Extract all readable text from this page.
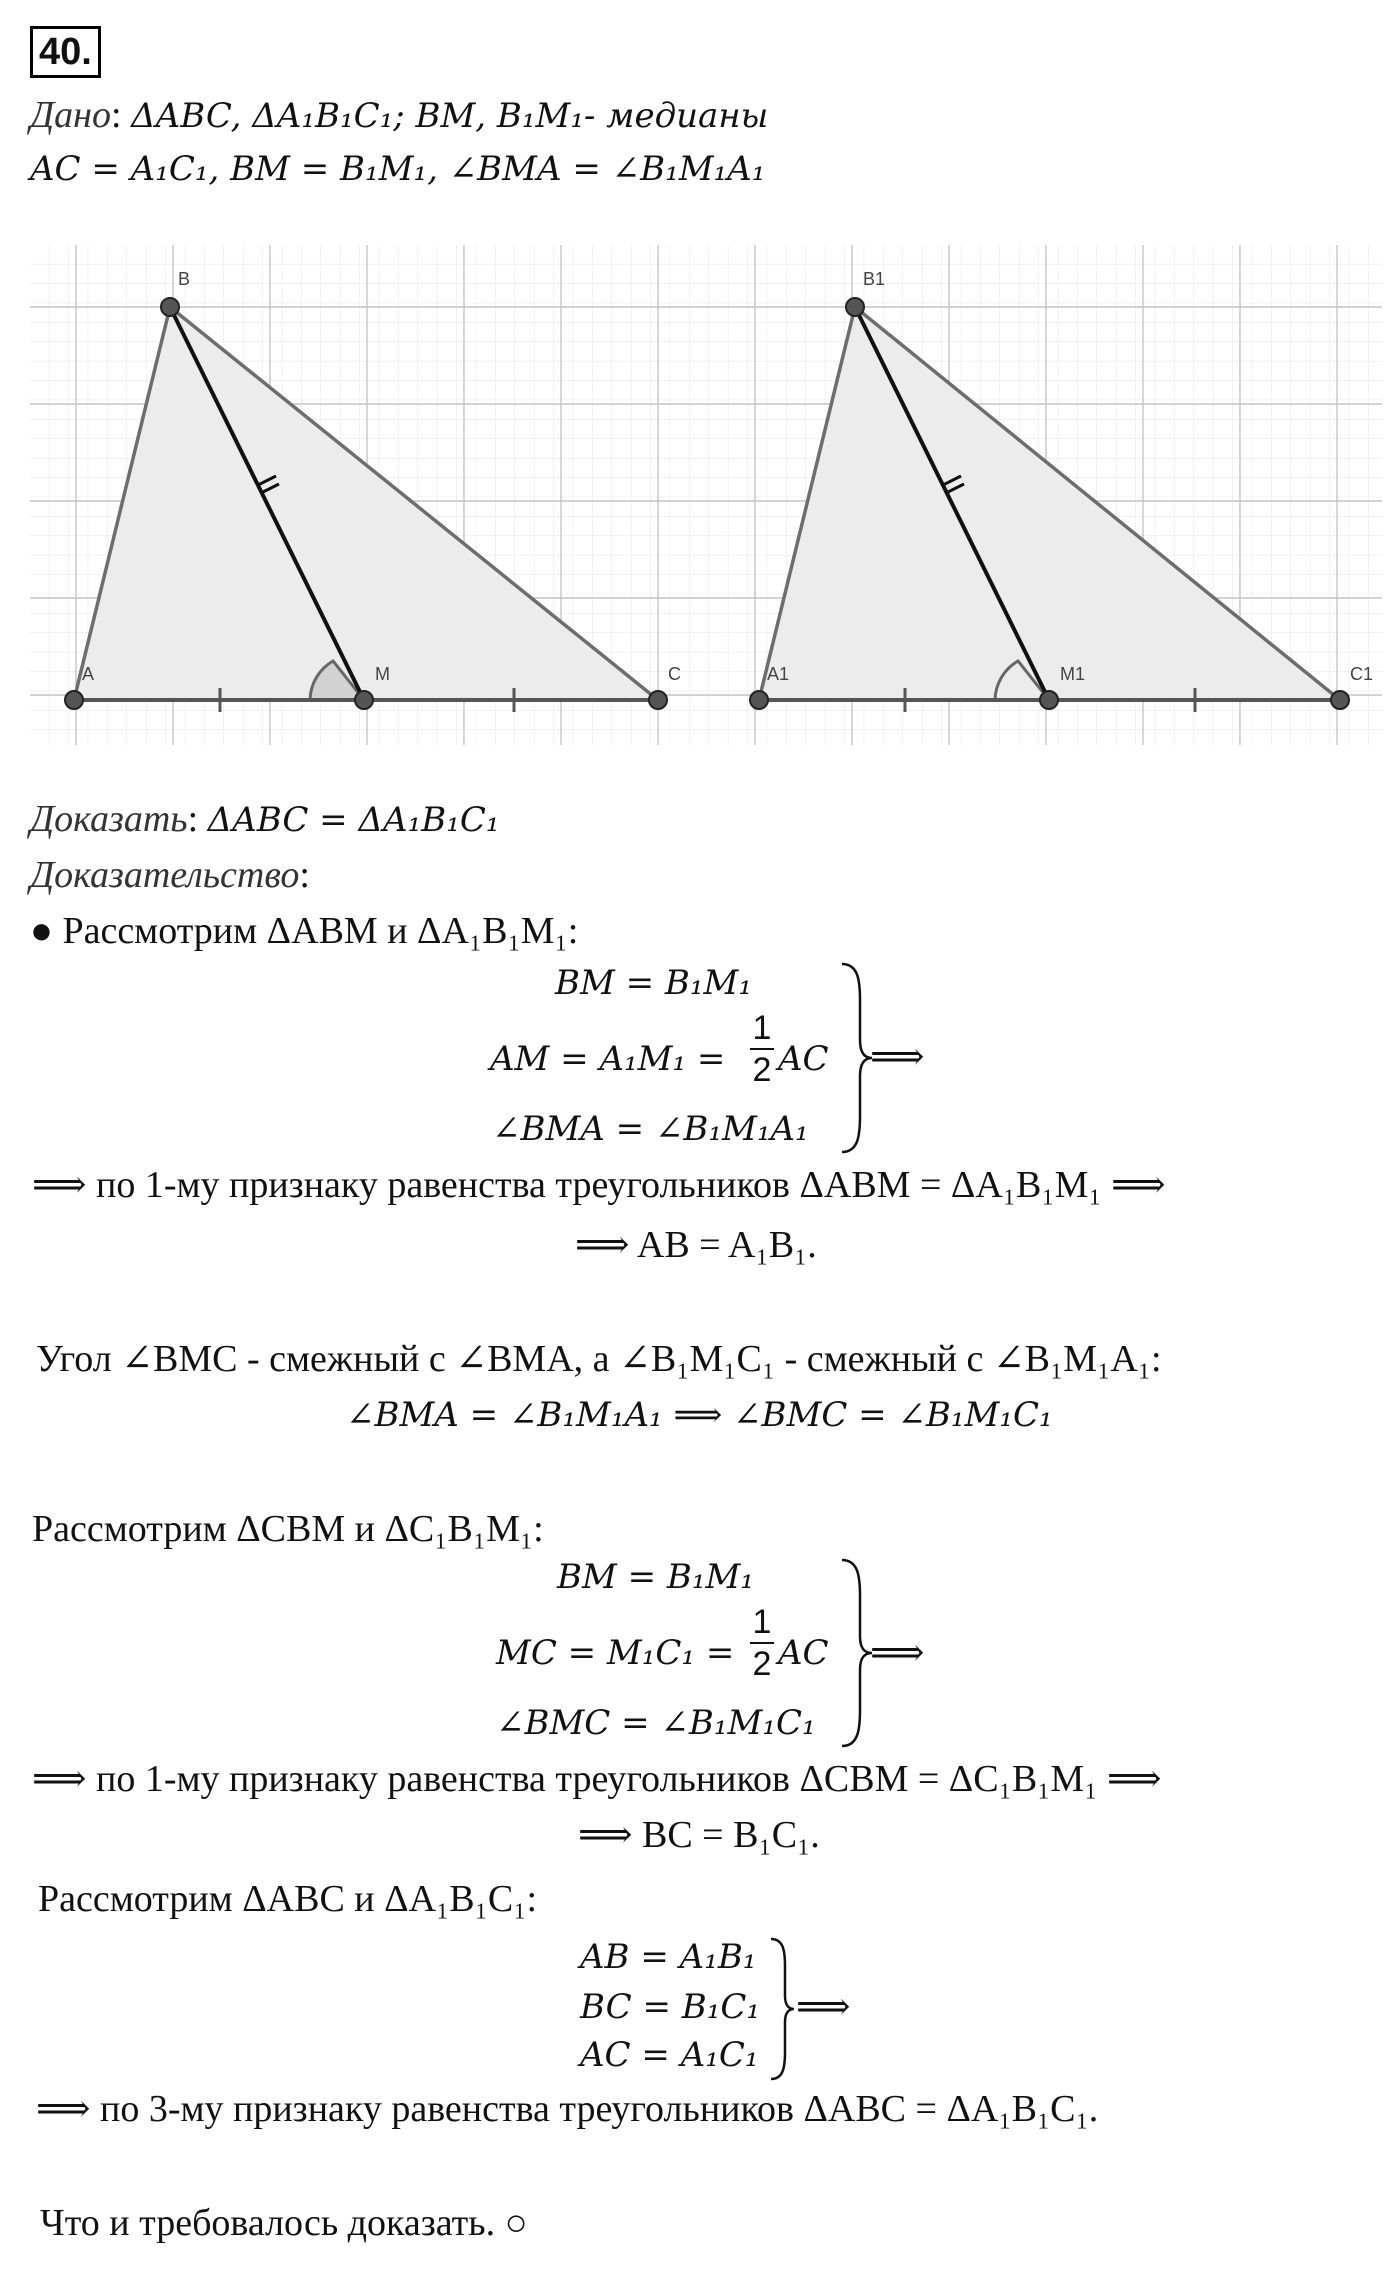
40.
Дано: ΔABC, ΔA₁B₁C₁; BM, B₁M₁- медианы
AC = A₁C₁, BM = B₁M₁, ∠BMA = ∠B₁M₁A₁
B
A	M	C
B1
A1	M1	C1
Доказать: ΔABC = ΔA₁B₁C₁
Доказательство:
● Рассмотрим ΔABM и ΔA₁B₁M₁:
BM = B₁M₁
AM = A₁M₁ =
1
2 AC
∠BMA = ∠B₁M₁A₁
⟹
⟹ по 1-му признаку равенства треугольников ΔABM = ΔA₁B₁M₁ ⟹
⟹ AB = A₁B₁.
Угол ∠BMC - смежный с ∠BMA, а ∠B₁M₁C₁ - смежный с ∠B₁M₁A₁:
∠BMA = ∠B₁M₁A₁ ⟹ ∠BMC = ∠B₁M₁C₁
Рассмотрим ΔCBM и ΔC₁B₁M₁:
BM = B₁M₁
MC = M₁C₁ =
1
2 AC
∠BMC = ∠B₁M₁C₁
⟹
⟹ по 1-му признаку равенства треугольников ΔCBM = ΔC₁B₁M₁ ⟹
⟹ BC = B₁C₁.
Рассмотрим ΔABC и ΔA₁B₁C₁:
AB = A₁B₁
BC = B₁C₁
AC = A₁C₁
⟹
⟹ по 3-му признаку равенства треугольников ΔABC = ΔA₁B₁C₁.
Что и требовалось доказать. ○
